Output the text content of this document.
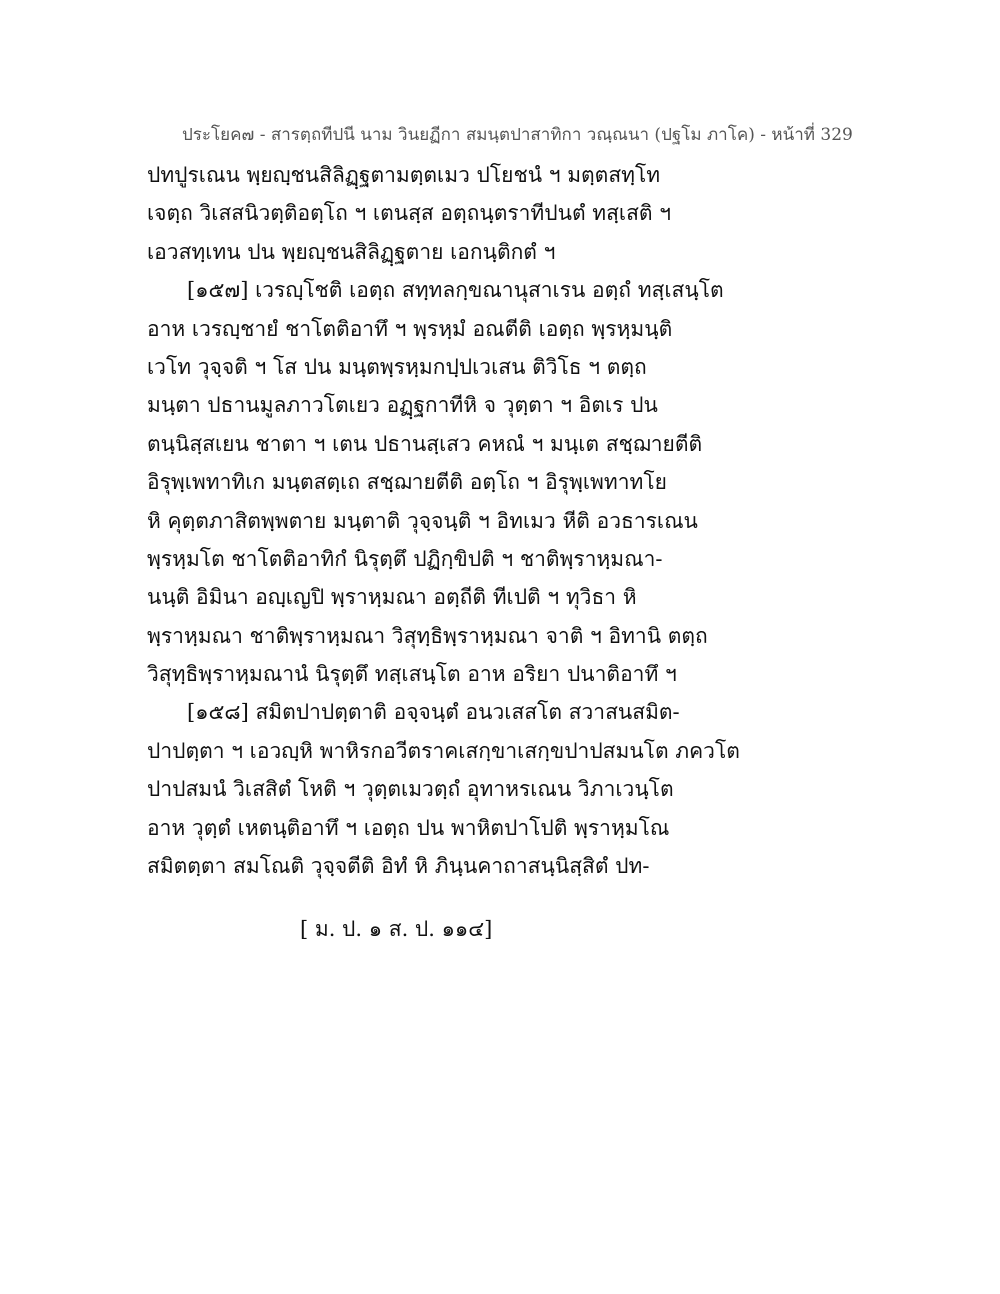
ประโยค๗ - สารตฺถทีปนี นาม วินยฏีกา สมนฺตปาสาทิกา วณฺณนา (ปฐโม ภาโค) - หน้าที่ 329
ปทปูรเณน พฺยญฺชนสิลิฏฺฐตามตฺตเมว ปโยชนํ ฯ มตฺตสทฺโท
เจตฺถ วิเสสนิวตฺติอตฺโถ ฯ เตนสฺส อตฺถนฺตราทีปนตํ ทสฺเสติ ฯ
เอวสทฺเทน ปน พฺยญฺชนสิลิฏฺฐตาย เอกนฺติกตํ ฯ
[๑๕๗] เวรญฺโชติ เอตฺถ สทฺทลกฺขณานุสาเรน อตฺถํ ทสฺเสนฺโต
อาห เวรญฺชายํ ชาโตติอาทึ ฯ พฺรหฺมํ อณตีติ เอตฺถ พฺรหฺมนฺติ
เวโท วุจฺจติ ฯ โส ปน มนฺตพฺรหฺมกปฺปเวเสน ติวิโธ ฯ ตตฺถ
มนฺตา ปธานมูลภาวโตเยว อฏฺฐกาทีหิ จ วุตฺตา ฯ อิตเร ปน
ตนฺนิสฺสเยน ชาตา ฯ เตน ปธานสฺเสว คหณํ ฯ มนฺเต สชฺฌายตีติ
อิรุพฺเพทาทิเก มนฺตสตฺเถ สชฺฌายตีติ อตฺโถ ฯ อิรุพฺเพทาทโย
หิ คุตฺตภาสิตพฺพตาย มนฺตาติ วุจฺจนฺติ ฯ อิทเมว หีติ อวธารเณน
พฺรหฺมโต ชาโตติอาทิกํ นิรุตฺตึ ปฏิกฺขิปติ ฯ ชาติพฺราหฺมณา-
นนฺติ อิมินา อญฺเญปิ พฺราหฺมณา อตฺถีติ ทีเปติ ฯ ทุวิธา หิ
พฺราหฺมณา ชาติพฺราหฺมณา วิสุทฺธิพฺราหฺมณา จาติ ฯ อิทานิ ตตฺถ
วิสุทฺธิพฺราหฺมณานํ นิรุตฺตึ ทสฺเสนฺโต อาห อริยา ปนาติอาทึ ฯ
[๑๕๘] สมิตปาปตฺตาติ อจฺจนฺตํ อนวเสสโต สวาสนสมิต-
ปาปตฺตา ฯ เอวญฺหิ พาหิรกอวีตราคเสกฺขาเสกฺขปาปสมนโต ภควโต
ปาปสมนํ วิเสสิตํ โหติ ฯ วุตฺตเมวตฺถํ อุทาหรเณน วิภาเวนฺโต
อาห วุตฺตํ เหตนฺติอาทึ ฯ เอตฺถ ปน พาหิตปาโปติ พฺราหฺมโณ
สมิตตฺตา สมโณติ วุจฺจตีติ อิทํ หิ ภินฺนคาถาสนฺนิสฺสิตํ ปท-
[ ม. ป. ๑ ส. ป. ๑๑๔]
